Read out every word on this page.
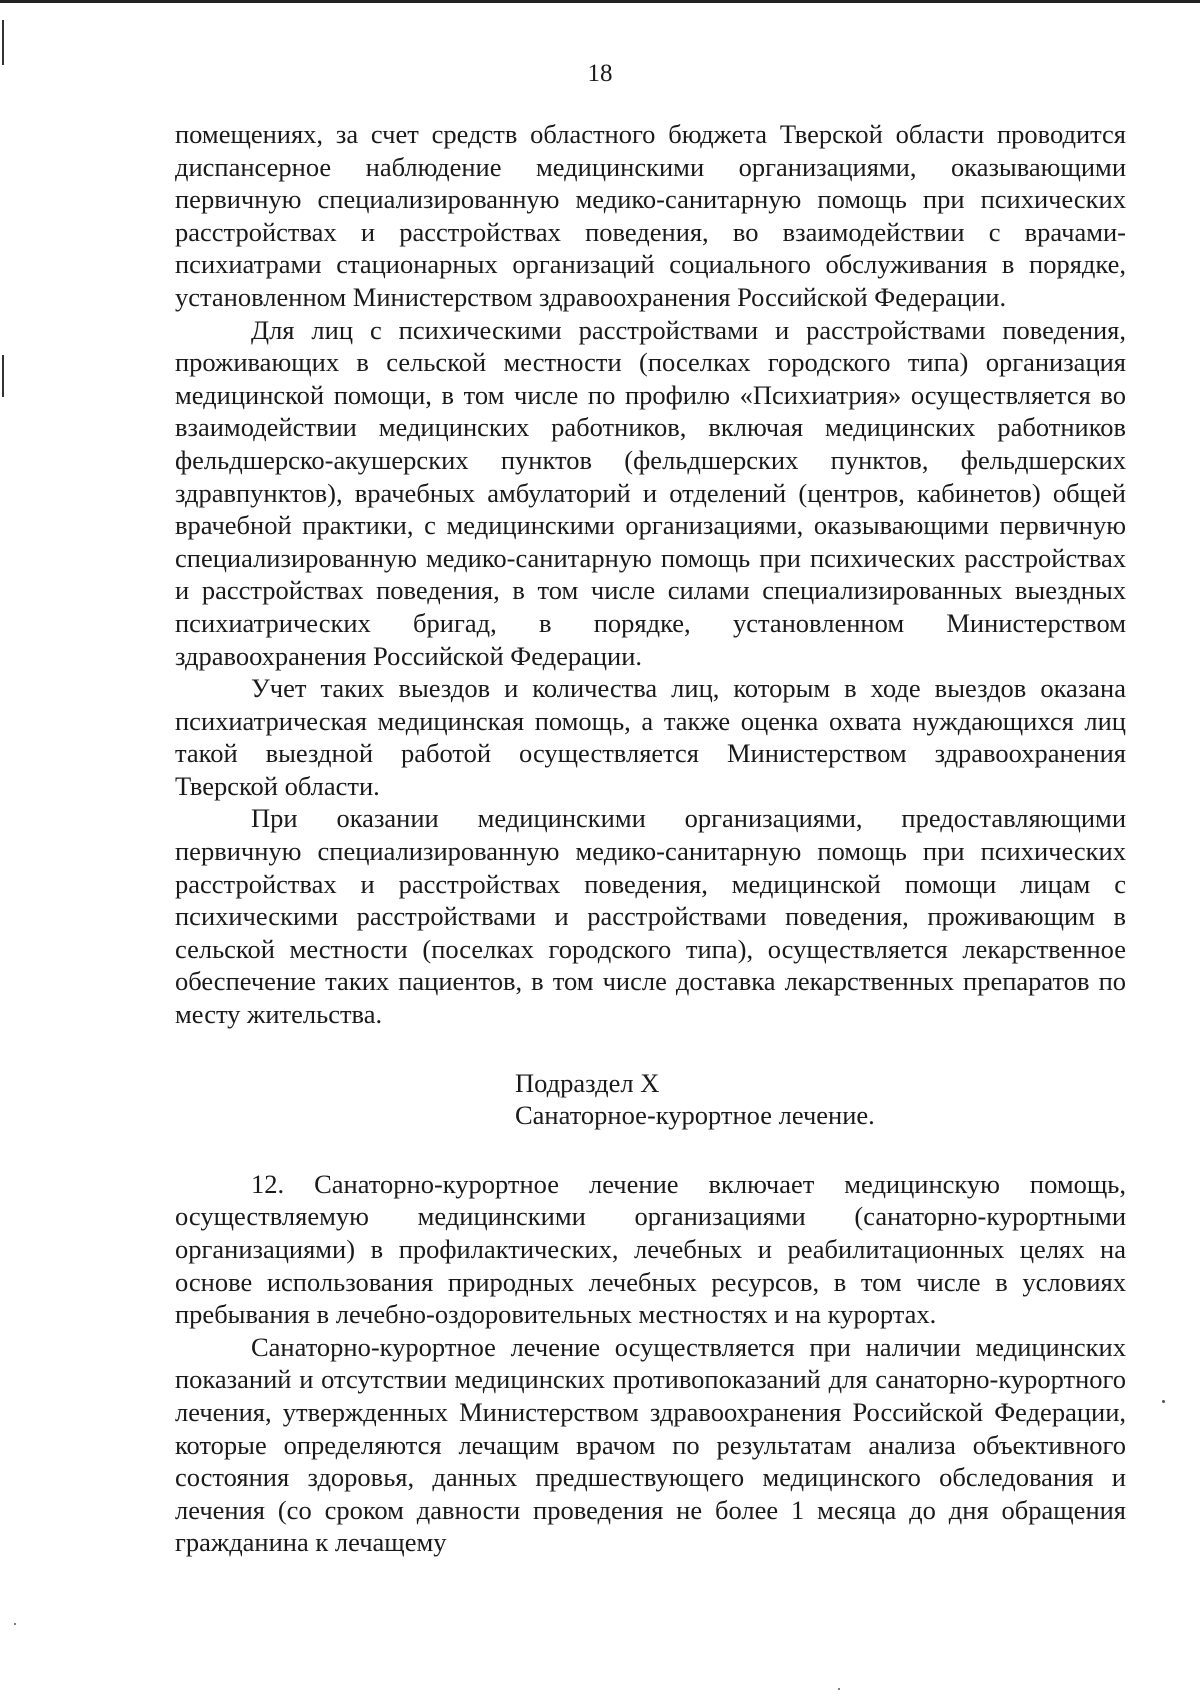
18

помещениях, за счет средств областного бюджета Тверской области проводится диспансерное наблюдение медицинскими организациями, оказывающими первичную специализированную медико-санитарную помощь при психических расстройствах и расстройствах поведения, во взаимодействии с врачами-психиатрами стационарных организаций социального обслуживания в порядке, установленном Министерством здравоохранения Российской Федерации.

Для лиц с психическими расстройствами и расстройствами поведения, проживающих в сельской местности (поселках городского типа) организация медицинской помощи, в том числе по профилю «Психиатрия» осуществляется во взаимодействии медицинских работников, включая медицинских работников фельдшерско-акушерских пунктов (фельдшерских пунктов, фельдшерских здравпунктов), врачебных амбулаторий и отделений (центров, кабинетов) общей врачебной практики, с медицинскими организациями, оказывающими первичную специализированную медико-санитарную помощь при психических расстройствах и расстройствах поведения, в том числе силами специализированных выездных психиатрических бригад, в порядке, установленном Министерством здравоохранения Российской Федерации.

Учет таких выездов и количества лиц, которым в ходе выездов оказана психиатрическая медицинская помощь, а также оценка охвата нуждающихся лиц такой выездной работой осуществляется Министерством здравоохранения Тверской области.

При оказании медицинскими организациями, предоставляющими первичную специализированную медико-санитарную помощь при психических расстройствах и расстройствах поведения, медицинской помощи лицам с психическими расстройствами и расстройствами поведения, проживающим в сельской местности (поселках городского типа), осуществляется лекарственное обеспечение таких пациентов, в том числе доставка лекарственных препаратов по месту жительства.

Подраздел X

Санаторное-курортное лечение.

12. Санаторно-курортное лечение включает медицинскую помощь, осуществляемую медицинскими организациями (санаторно-курортными организациями) в профилактических, лечебных и реабилитационных целях на основе использования природных лечебных ресурсов, в том числе в условиях пребывания в лечебно-оздоровительных местностях и на курортах.

Санаторно-курортное лечение осуществляется при наличии медицинских показаний и отсутствии медицинских противопоказаний для санаторно-курортного лечения, утвержденных Министерством здравоохранения Российской Федерации, которые определяются лечащим врачом по результатам анализа объективного состояния здоровья, данных предшествующего медицинского обследования и лечения (со сроком давности проведения не более 1 месяца до дня обращения гражданина к лечащему
